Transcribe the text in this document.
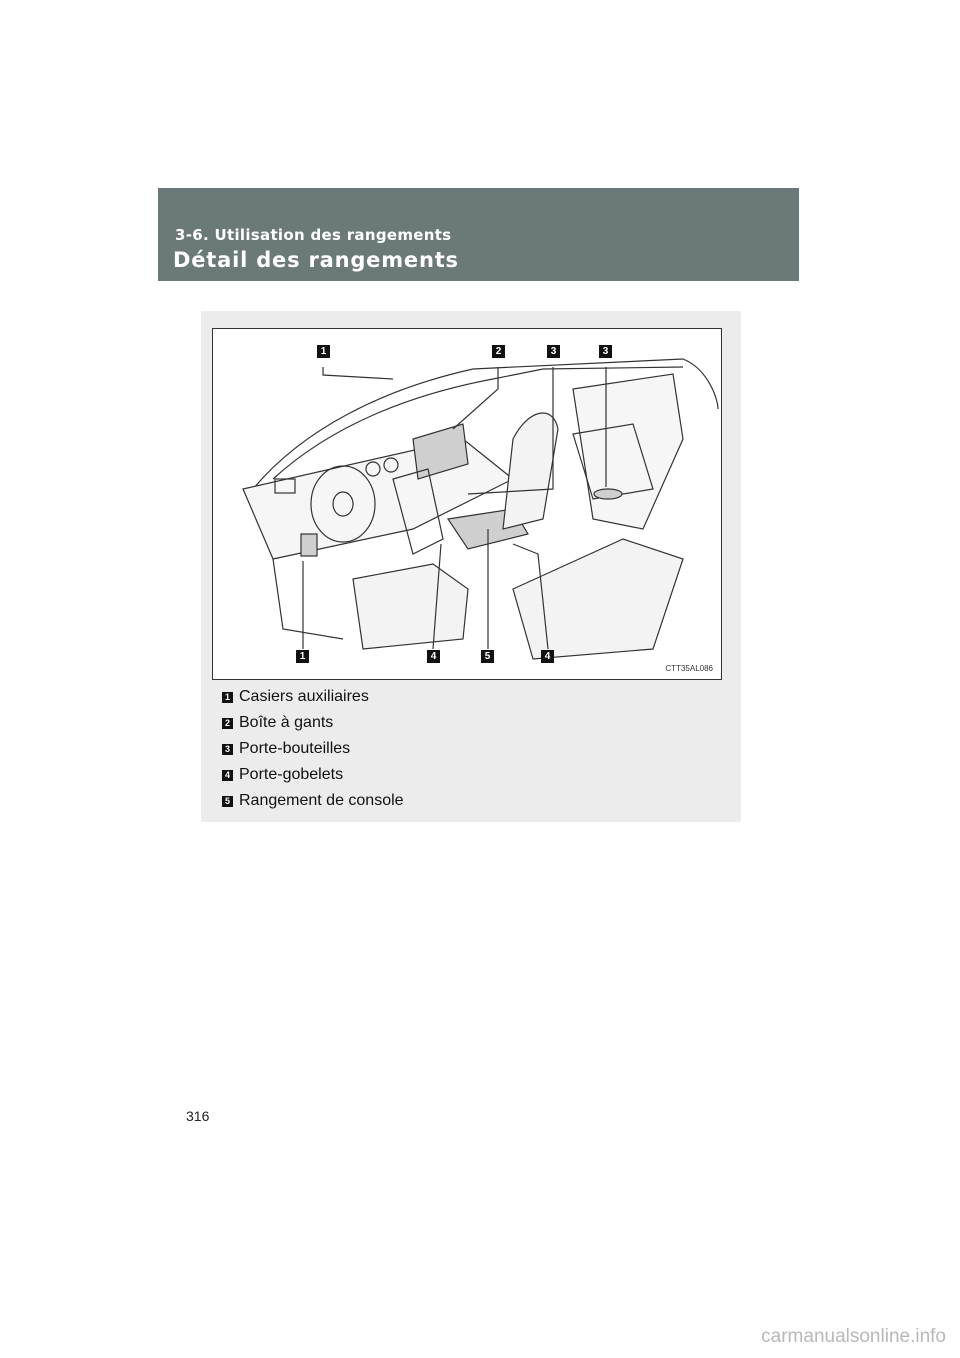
3-6. Utilisation des rangements
Détail des rangements
1	2	3	3
1	4	5	4
CTT35AL086
1 Casiers auxiliaires
2 Boîte à gants
3 Porte-bouteilles
4 Porte-gobelets
5 Rangement de console
316
carmanualsonline.info
